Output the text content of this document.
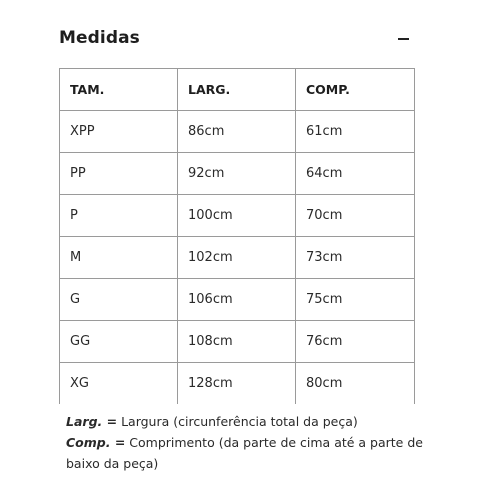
Medidas
TAM.	LARG.	COMP.
XPP	86cm	61cm
PP	92cm	64cm
P	100cm	70cm
M	102cm	73cm
G	106cm	75cm
GG	108cm	76cm
XG	128cm	80cm
Larg. = Largura (circunferência total da peça)
Comp. = Comprimento (da parte de cima até a parte de baixo da peça)
